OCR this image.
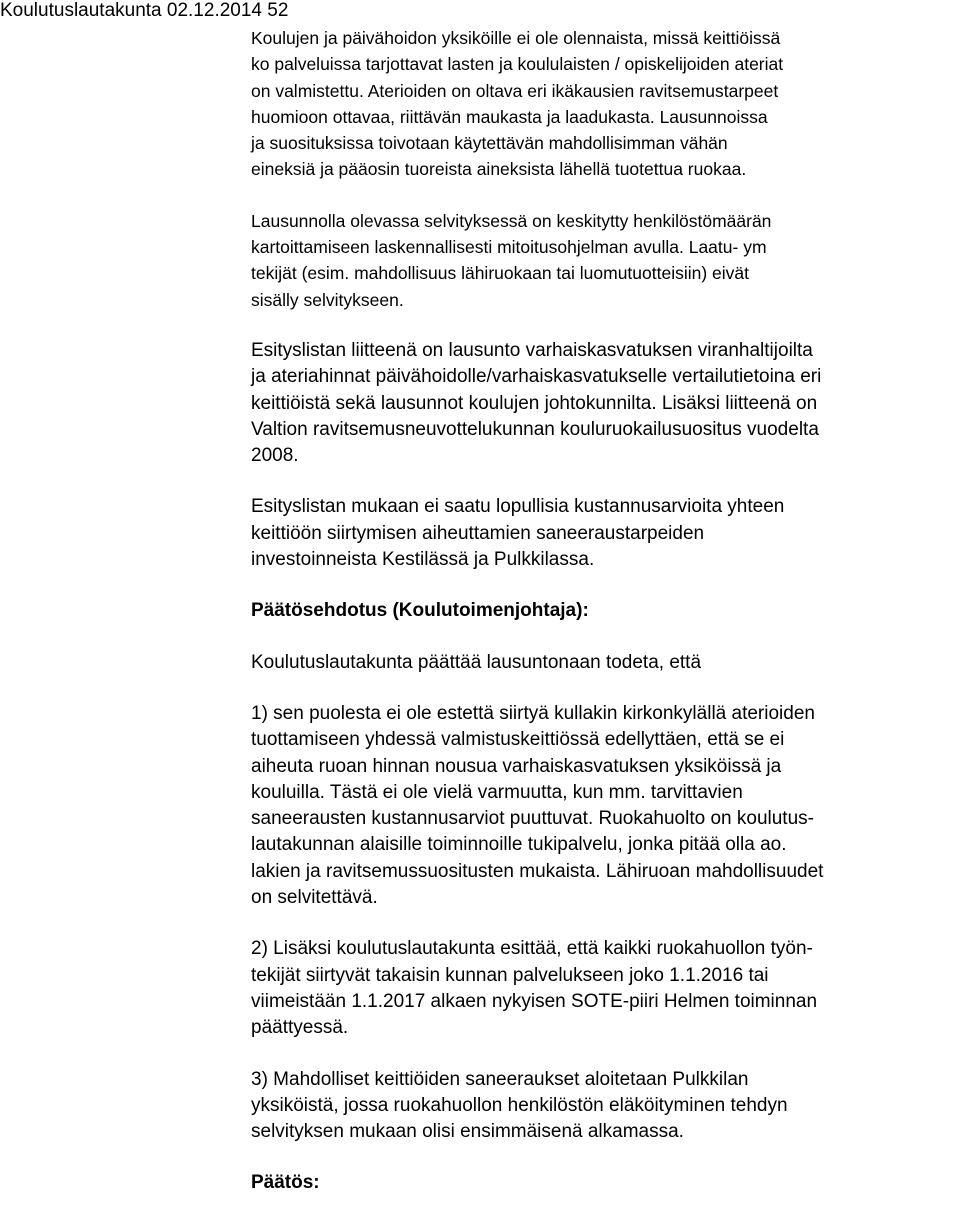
Koulutuslautakunta 02.12.2014 52

Koulujen ja päivähoidon yksiköille ei ole olennaista, missä keittiöissä
ko palveluissa tarjottavat lasten ja koululaisten / opiskelijoiden ateriat
on valmistettu. Aterioiden on oltava eri ikäkausien ravitsemustarpeet
huomioon ottavaa, riittävän maukasta ja laadukasta. Lausunnoissa
ja suosituksissa toivotaan käytettävän mahdollisimman vähän
eineksiä ja pääosin tuoreista aineksista lähellä tuotettua ruokaa.

Lausunnolla olevassa selvityksessä on keskitytty henkilöstömäärän
kartoittamiseen laskennallisesti mitoitusohjelman avulla. Laatu- ym
tekijät (esim. mahdollisuus lähiruokaan tai luomutuotteisiin) eivät
sisälly selvitykseen.

Esityslistan liitteenä on lausunto varhaiskasvatuksen viranhaltijoilta
ja ateriahinnat päivähoidolle/varhaiskasvatukselle vertailutietoina eri
keittiöistä sekä lausunnot koulujen johtokunnilta. Lisäksi liitteenä on
Valtion ravitsemusneuvottelukunnan kouluruokailusuositus vuodelta
2008.

Esityslistan mukaan ei saatu lopullisia kustannusarvioita yhteen
keittiöön siirtymisen aiheuttamien saneeraustarpeiden
investoinneista Kestilässä ja Pulkkilassa.

Päätösehdotus (Koulutoimenjohtaja):

Koulutuslautakunta päättää lausuntonaan todeta, että

1) sen puolesta ei ole estettä siirtyä kullakin kirkonkylällä aterioiden
tuottamiseen yhdessä valmistuskeittiössä edellyttäen, että se ei
aiheuta ruoan hinnan nousua varhaiskasvatuksen yksiköissä ja
kouluilla. Tästä ei ole vielä varmuutta, kun mm. tarvittavien
saneerausten kustannusarviot puuttuvat. Ruokahuolto on koulutus-
lautakunnan alaisille toiminnoille tukipalvelu, jonka pitää olla ao.
lakien ja ravitsemussuositusten mukaista. Lähiruoan mahdollisuudet
on selvitettävä.

2) Lisäksi koulutuslautakunta esittää, että kaikki ruokahuollon työn-
tekijät siirtyvät takaisin kunnan palvelukseen joko 1.1.2016 tai
viimeistään 1.1.2017 alkaen nykyisen SOTE-piiri Helmen toiminnan
päättyessä.

3) Mahdolliset keittiöiden saneeraukset aloitetaan Pulkkilan
yksiköistä, jossa ruokahuollon henkilöstön eläköityminen tehdyn
selvityksen mukaan olisi ensimmäisenä alkamassa.

Päätös:
